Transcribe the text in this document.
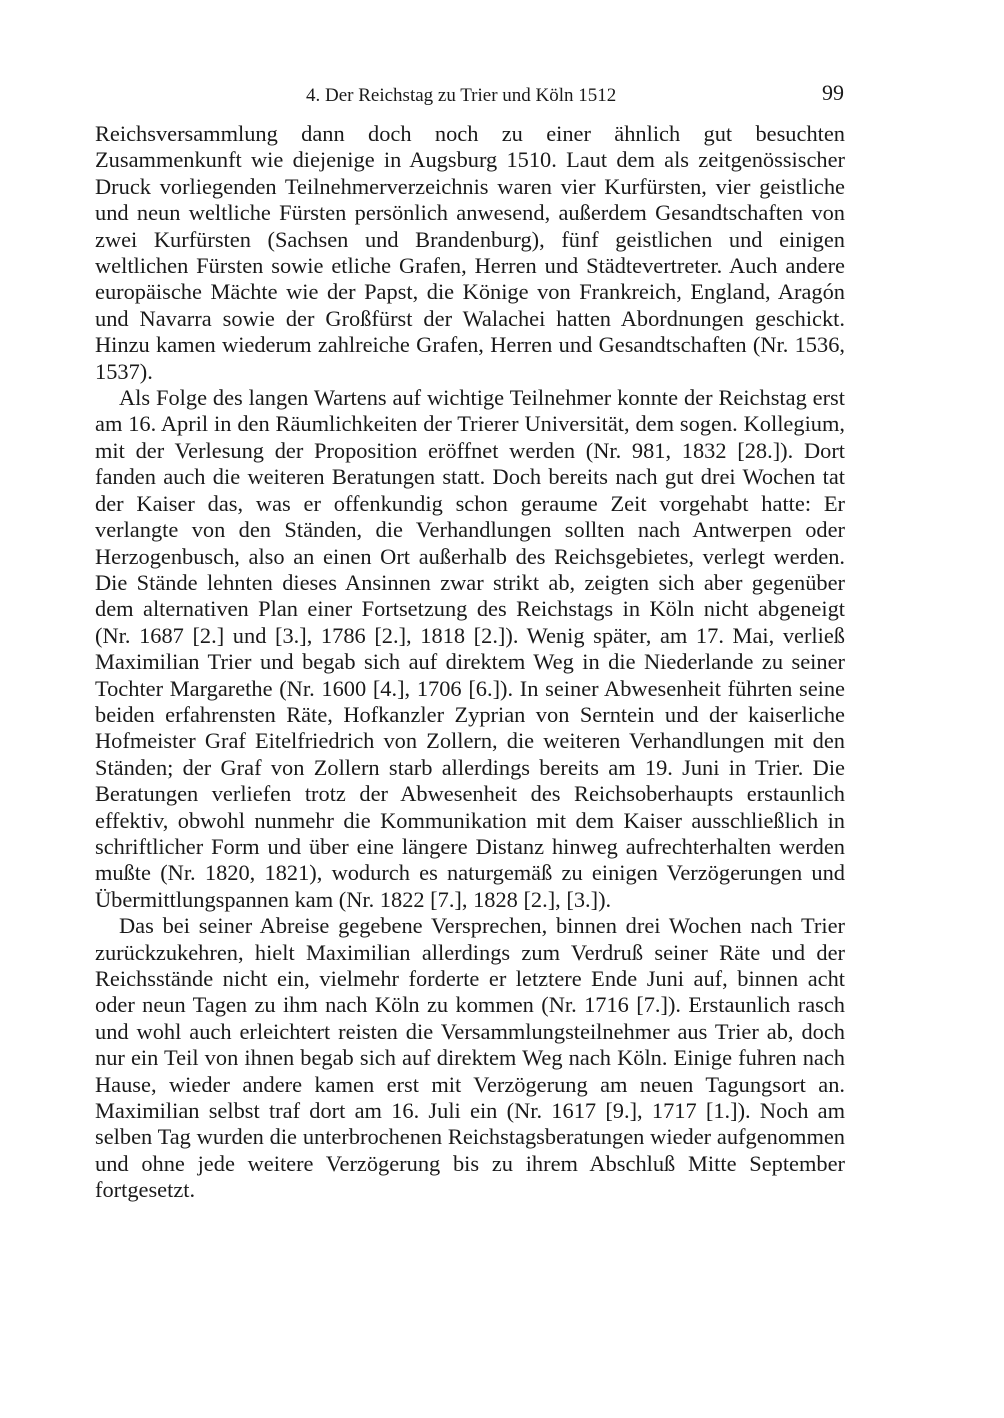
4. Der Reichstag zu Trier und Köln 1512	99

Reichsversammlung dann doch noch zu einer ähnlich gut besuchten Zusammenkunft wie diejenige in Augsburg 1510. Laut dem als zeitgenössischer Druck vorliegenden Teilnehmerverzeichnis waren vier Kurfürsten, vier geistliche und neun weltliche Fürsten persönlich anwesend, außerdem Gesandtschaften von zwei Kurfürsten (Sachsen und Brandenburg), fünf geistlichen und einigen weltlichen Fürsten sowie etliche Grafen, Herren und Städtevertreter. Auch andere europäische Mächte wie der Papst, die Könige von Frankreich, England, Aragón und Navarra sowie der Großfürst der Walachei hatten Abordnungen geschickt. Hinzu kamen wiederum zahlreiche Grafen, Herren und Gesandtschaften (Nr. 1536, 1537).

Als Folge des langen Wartens auf wichtige Teilnehmer konnte der Reichstag erst am 16. April in den Räumlichkeiten der Trierer Universität, dem sogen. Kollegium, mit der Verlesung der Proposition eröffnet werden (Nr. 981, 1832 [28.]). Dort fanden auch die weiteren Beratungen statt. Doch bereits nach gut drei Wochen tat der Kaiser das, was er offenkundig schon geraume Zeit vorgehabt hatte: Er verlangte von den Ständen, die Verhandlungen sollten nach Antwerpen oder Herzogenbusch, also an einen Ort außerhalb des Reichsgebietes, verlegt werden. Die Stände lehnten dieses Ansinnen zwar strikt ab, zeigten sich aber gegenüber dem alternativen Plan einer Fortsetzung des Reichstags in Köln nicht abgeneigt (Nr. 1687 [2.] und [3.], 1786 [2.], 1818 [2.]). Wenig später, am 17. Mai, verließ Maximilian Trier und begab sich auf direktem Weg in die Niederlande zu seiner Tochter Margarethe (Nr. 1600 [4.], 1706 [6.]). In seiner Abwesenheit führten seine beiden erfahrensten Räte, Hofkanzler Zyprian von Serntein und der kaiserliche Hofmeister Graf Eitelfriedrich von Zollern, die weiteren Verhandlungen mit den Ständen; der Graf von Zollern starb allerdings bereits am 19. Juni in Trier. Die Beratungen verliefen trotz der Abwesenheit des Reichsoberhaupts erstaunlich effektiv, obwohl nunmehr die Kommunikation mit dem Kaiser ausschließlich in schriftlicher Form und über eine längere Distanz hinweg aufrechterhalten werden mußte (Nr. 1820, 1821), wodurch es naturgemäß zu einigen Verzögerungen und Übermittlungspannen kam (Nr. 1822 [7.], 1828 [2.], [3.]).

Das bei seiner Abreise gegebene Versprechen, binnen drei Wochen nach Trier zurückzukehren, hielt Maximilian allerdings zum Verdruß seiner Räte und der Reichsstände nicht ein, vielmehr forderte er letztere Ende Juni auf, binnen acht oder neun Tagen zu ihm nach Köln zu kommen (Nr. 1716 [7.]). Erstaunlich rasch und wohl auch erleichtert reisten die Versammlungsteilnehmer aus Trier ab, doch nur ein Teil von ihnen begab sich auf direktem Weg nach Köln. Einige fuhren nach Hause, wieder andere kamen erst mit Verzögerung am neuen Tagungsort an. Maximilian selbst traf dort am 16. Juli ein (Nr. 1617 [9.], 1717 [1.]). Noch am selben Tag wurden die unterbrochenen Reichstagsberatungen wieder aufgenommen und ohne jede weitere Verzögerung bis zu ihrem Abschluß Mitte September fortgesetzt.
